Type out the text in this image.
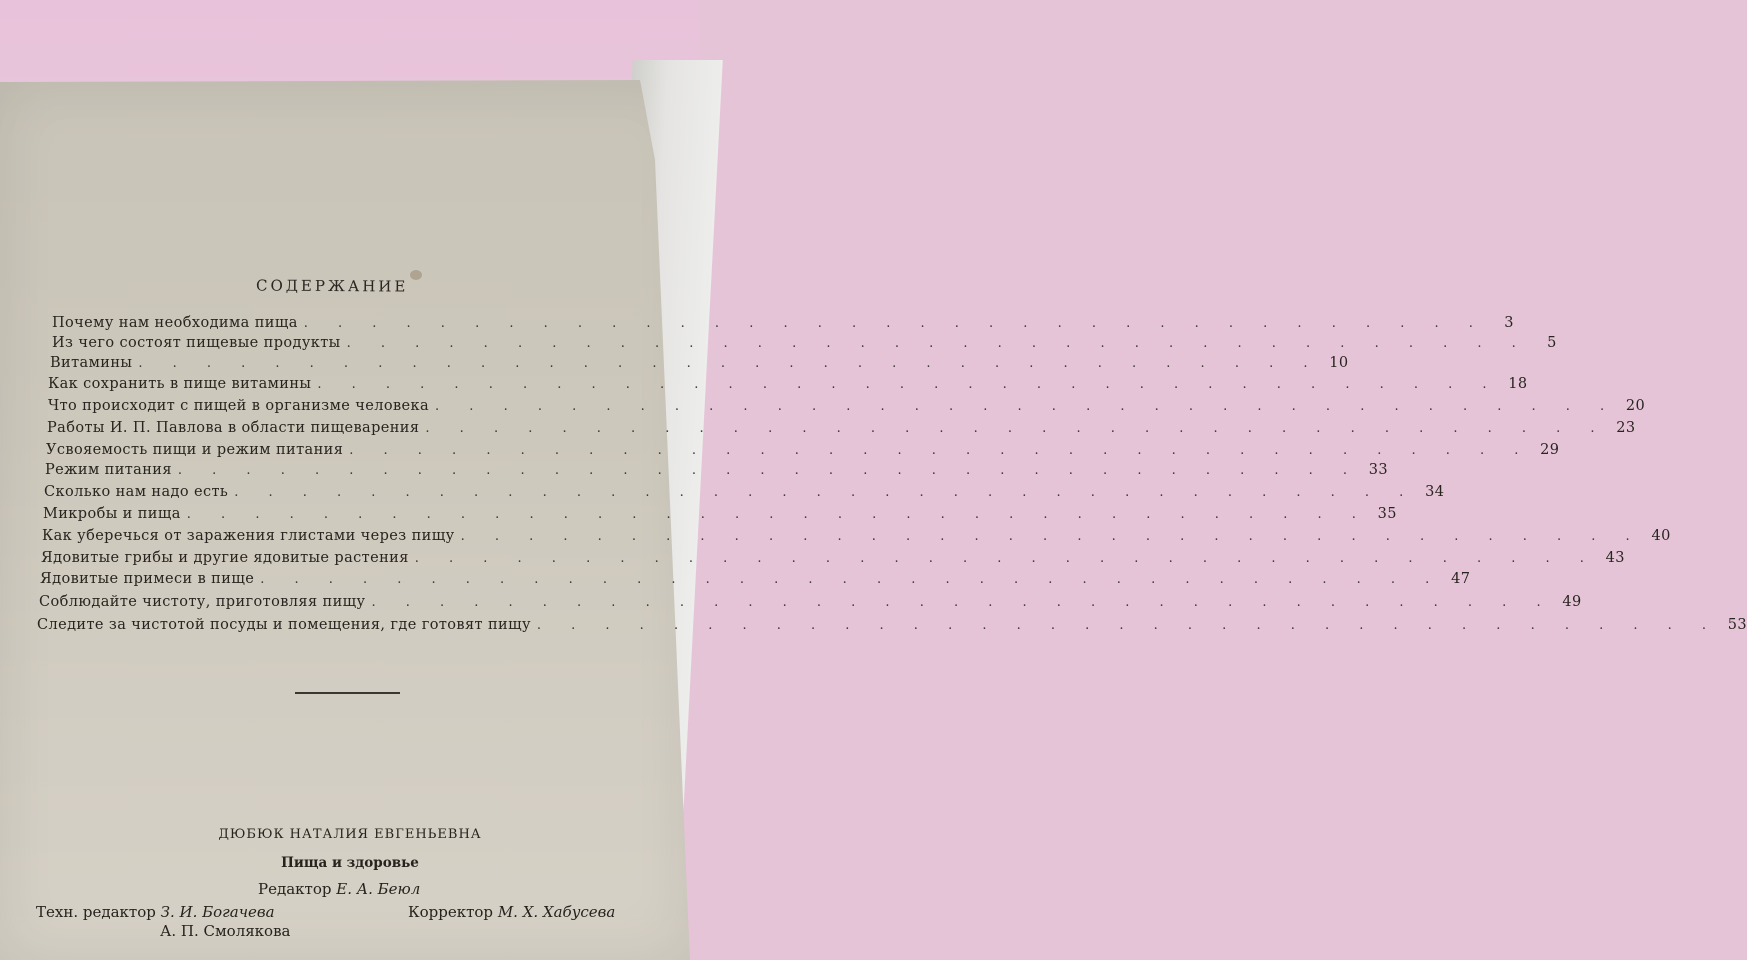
СОДЕРЖАНИЕ
Почему нам необходима пища . . . . . . . . . . . . . . . . . . . . . . . . . . . . . . . . . . .	3
Из чего состоят пищевые продукты . . . . . . . . . . . . . . . . . . . . . . . . . . . . . . . . . . .	5
Витамины . . . . . . . . . . . . . . . . . . . . . . . . . . . . . . . . . . . 10
Как сохранить в пище витамины . . . . . . . . . . . . . . . . . . . . . . . . . . . . . . . . . . . 18
Что происходит с пищей в организме человека . . . . . . . . . . . . . . . . . . . . . . . . . . . . . . . . . . . 20
Работы И. П. Павлова в области пищеварения . . . . . . . . . . . . . . . . . . . . . . . . . . . . . . . . . . . 23
Усвояемость пищи и режим питания . . . . . . . . . . . . . . . . . . . . . . . . . . . . . . . . . . . 29
Режим питания . . . . . . . . . . . . . . . . . . . . . . . . . . . . . . . . . . . 33
Сколько нам надо есть . . . . . . . . . . . . . . . . . . . . . . . . . . . . . . . . . . . 34
Микробы и пища . . . . . . . . . . . . . . . . . . . . . . . . . . . . . . . . . . . 35
Как уберечься от заражения глистами через пищу . . . . . . . . . . . . . . . . . . . . . . . . . . . . . . . . . . . 40
Ядовитые грибы и другие ядовитые растения . . . . . . . . . . . . . . . . . . . . . . . . . . . . . . . . . . . 43
Ядовитые примеси в пище . . . . . . . . . . . . . . . . . . . . . . . . . . . . . . . . . . . 47
Соблюдайте чистоту, приготовляя пищу . . . . . . . . . . . . . . . . . . . . . . . . . . . . . . . . . . . 49
Следите за чистотой посуды и помещения, где готовят пищу . . . . . . . . . . . . . . . . . . . . . . . . . . . . . . . . . . . 53
ДЮБЮК НАТАЛИЯ ЕВГЕНЬЕВНА
Пища и здоровье
Редактор Е. А. Беюл
Техн. редактор З. И. Богачева	Корректор М. Х. Хабусева
А. П. Смолякова
